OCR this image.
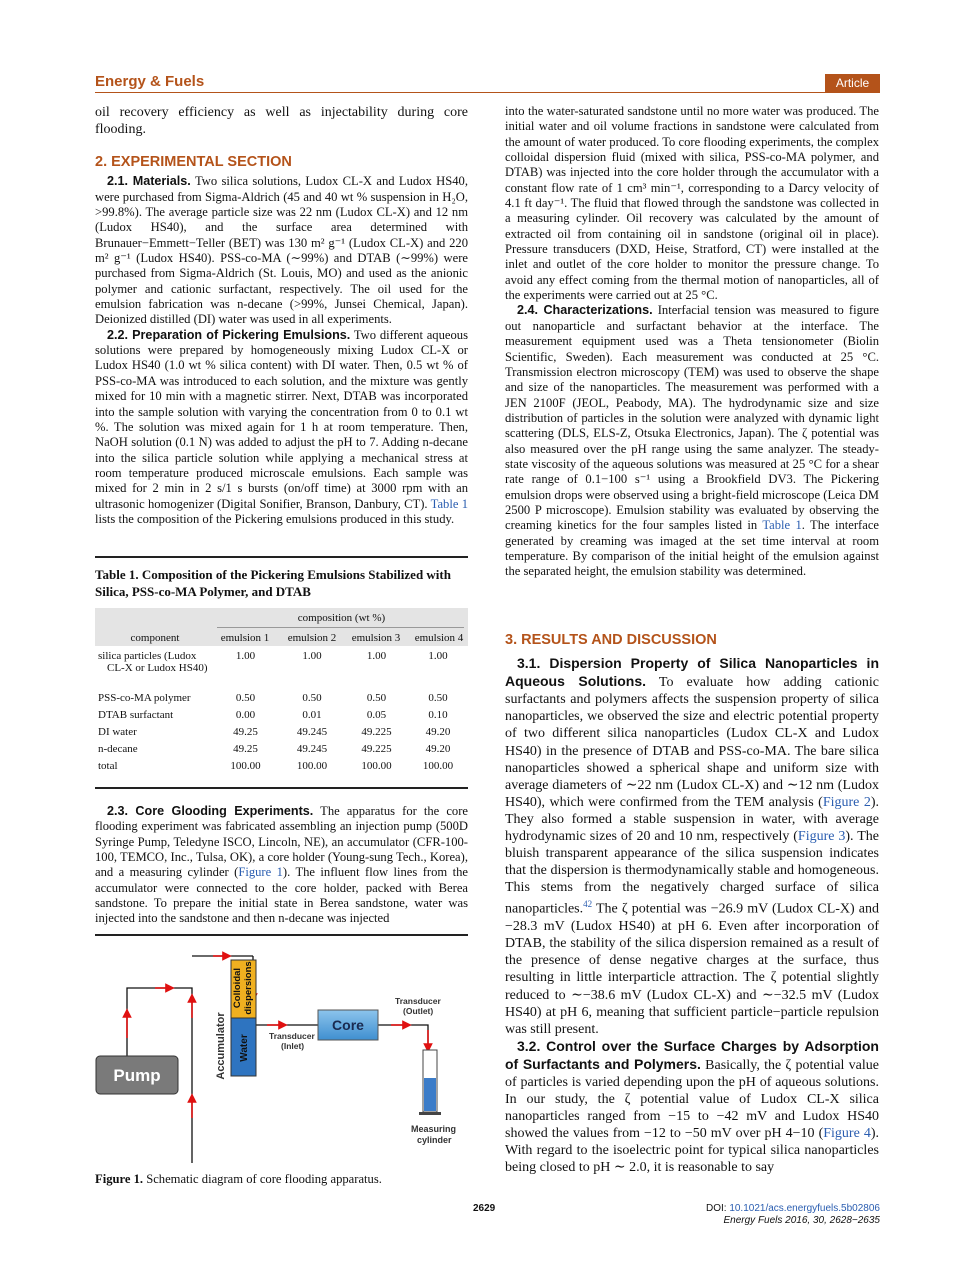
Energy & Fuels	Article

oil recovery efficiency as well as injectability during core flooding.

2. EXPERIMENTAL SECTION

2.1. Materials. Two silica solutions, Ludox CL-X and Ludox HS40, were purchased from Sigma-Aldrich (45 and 40 wt % suspension in H₂O, >99.8%). The average particle size was 22 nm (Ludox CL-X) and 12 nm (Ludox HS40), and the surface area determined with Brunauer−Emmett−Teller (BET) was 130 m² g⁻¹ (Ludox CL-X) and 220 m² g⁻¹ (Ludox HS40). PSS-co-MA (∼99%) and DTAB (∼99%) were purchased from Sigma-Aldrich (St. Louis, MO) and used as the anionic polymer and cationic surfactant, respectively. The oil used for the emulsion fabrication was n-decane (>99%, Junsei Chemical, Japan). Deionized distilled (DI) water was used in all experiments.

2.2. Preparation of Pickering Emulsions. Two different aqueous solutions were prepared by homogeneously mixing Ludox CL-X or Ludox HS40 (1.0 wt % silica content) with DI water. Then, 0.5 wt % of PSS-co-MA was introduced to each solution, and the mixture was gently mixed for 10 min with a magnetic stirrer. Next, DTAB was incorporated into the sample solution with varying the concentration from 0 to 0.1 wt %. The solution was mixed again for 1 h at room temperature. Then, NaOH solution (0.1 N) was added to adjust the pH to 7. Adding n-decane into the silica particle solution while applying a mechanical stress at room temperature produced microscale emulsions. Each sample was mixed for 2 min in 2 s/1 s bursts (on/off time) at 3000 rpm with an ultrasonic homogenizer (Digital Sonifier, Branson, Danbury, CT). Table 1 lists the composition of the Pickering emulsions produced in this study.

Table 1. Composition of the Pickering Emulsions Stabilized with Silica, PSS-co-MA Polymer, and DTAB
composition (wt %)
component	emulsion 1	emulsion 2	emulsion 3	emulsion 4
silica particles (Ludox CL-X or Ludox HS40)	1.00	1.00	1.00	1.00
PSS-co-MA polymer	0.50	0.50	0.50	0.50
DTAB surfactant	0.00	0.01	0.05	0.10
DI water	49.25	49.245	49.225	49.20
n-decane	49.25	49.245	49.225	49.20
total	100.00	100.00	100.00	100.00

2.3. Core Glooding Experiments. The apparatus for the core flooding experiment was fabricated assembling an injection pump (500D Syringe Pump, Teledyne ISCO, Lincoln, NE), an accumulator (CFR-100-100, TEMCO, Inc., Tulsa, OK), a core holder (Young-sung Tech., Korea), and a measuring cylinder (Figure 1). The influent flow lines from the accumulator were connected to the core holder, packed with Berea sandstone. To prepare the initial state in Berea sandstone, water was injected into the sandstone and then n-decane was injected

Pump	Accumulator
Colloidaldispersions
Water
Core
Transducer (Inlet)
Transducer (Outlet)
Measuring cylinder
Figure 1. Schematic diagram of core flooding apparatus.

into the water-saturated sandstone until no more water was produced. The initial water and oil volume fractions in sandstone were calculated from the amount of water produced. To core flooding experiments, the complex colloidal dispersion fluid (mixed with silica, PSS-co-MA polymer, and DTAB) was injected into the core holder through the accumulator with a constant flow rate of 1 cm³ min⁻¹, corresponding to a Darcy velocity of 4.1 ft day⁻¹. The fluid that flowed through the sandstone was collected in a measuring cylinder. Oil recovery was calculated by the amount of extracted oil from containing oil in sandstone (original oil in place). Pressure transducers (DXD, Heise, Stratford, CT) were installed at the inlet and outlet of the core holder to monitor the pressure change. To avoid any effect coming from the thermal motion of nanoparticles, all of the experiments were carried out at 25 °C.

2.4. Characterizations. Interfacial tension was measured to figure out nanoparticle and surfactant behavior at the interface. The measurement equipment used was a Theta tensionometer (Biolin Scientific, Sweden). Each measurement was conducted at 25 °C. Transmission electron microscopy (TEM) was used to observe the shape and size of the nanoparticles. The measurement was performed with a JEN 2100F (JEOL, Peabody, MA). The hydrodynamic size and size distribution of particles in the solution were analyzed with dynamic light scattering (DLS, ELS-Z, Otsuka Electronics, Japan). The ζ potential was also measured over the pH range using the same analyzer. The steady-state viscosity of the aqueous solutions was measured at 25 °C for a shear rate range of 0.1−100 s⁻¹ using a Brookfield DV3. The Pickering emulsion drops were observed using a bright-field microscope (Leica DM 2500 P microscope). Emulsion stability was evaluated by observing the creaming kinetics for the four samples listed in Table 1. The interface generated by creaming was imaged at the set time interval at room temperature. By comparison of the initial height of the emulsion against the separated height, the emulsion stability was determined.

3. RESULTS AND DISCUSSION

3.1. Dispersion Property of Silica Nanoparticles in Aqueous Solutions. To evaluate how adding cationic surfactants and polymers affects the suspension property of silica nanoparticles, we observed the size and electric potential property of two different silica nanoparticles (Ludox CL-X and Ludox HS40) in the presence of DTAB and PSS-co-MA. The bare silica nanoparticles showed a spherical shape and uniform size with average diameters of ∼22 nm (Ludox CL-X) and ∼12 nm (Ludox HS40), which were confirmed from the TEM analysis (Figure 2). They also formed a stable suspension in water, with average hydrodynamic sizes of 20 and 10 nm, respectively (Figure 3). The bluish transparent appearance of the silica suspension indicates that the dispersion is thermodynamically stable and homogeneous. This stems from the negatively charged surface of silica nanoparticles.$^{42}$ The ζ potential was −26.9 mV (Ludox CL-X) and −28.3 mV (Ludox HS40) at pH 6. Even after incorporation of DTAB, the stability of the silica dispersion remained as a result of the presence of dense negative charges at the surface, thus resulting in little interparticle attraction. The ζ potential slightly reduced to ∼−38.6 mV (Ludox CL-X) and ∼−32.5 mV (Ludox HS40) at pH 6, meaning that sufficient particle−particle repulsion was still present.

3.2. Control over the Surface Charges by Adsorption of Surfactants and Polymers. Basically, the ζ potential value of particles is varied depending upon the pH of aqueous solutions. In our study, the ζ potential value of Ludox CL-X silica nanoparticles ranged from −15 to −42 mV and Ludox HS40 showed the values from −12 to −50 mV over pH 4−10 (Figure 4). With regard to the isoelectric point for typical silica nanoparticles being closed to pH ∼ 2.0, it is reasonable to say

2629	DOI: 10.1021/acs.energyfuels.5b02806
Energy Fuels 2016, 30, 2628−2635
